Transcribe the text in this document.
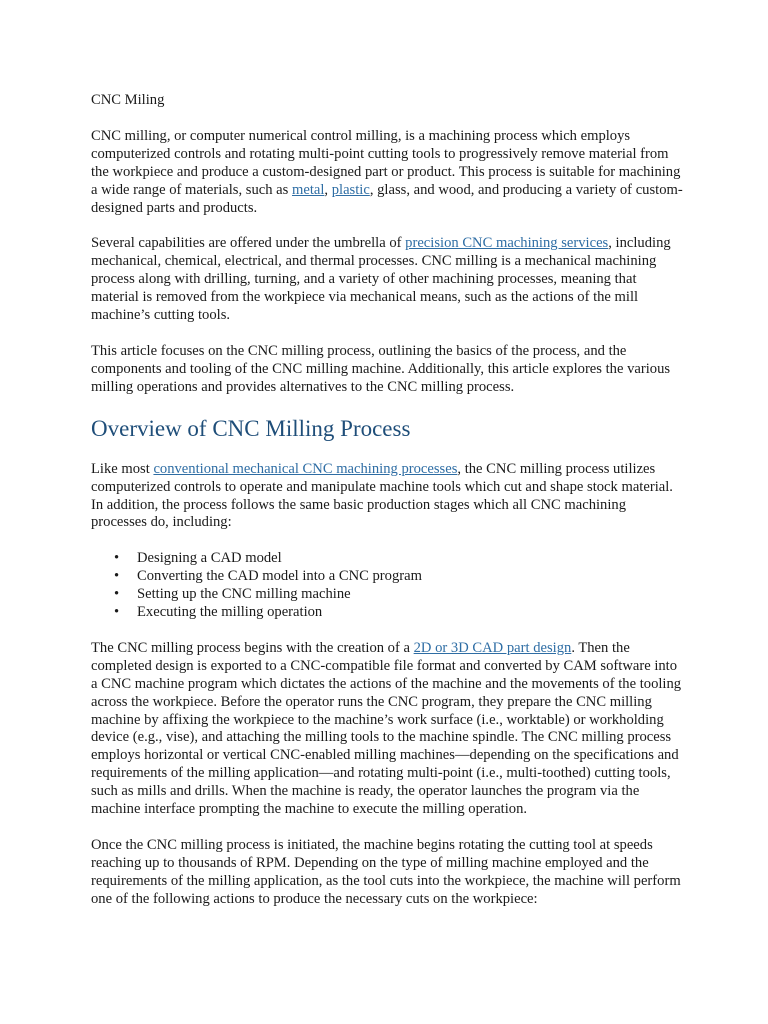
CNC Miling

CNC milling, or computer numerical control milling, is a machining process which employs computerized controls and rotating multi-point cutting tools to progressively remove material from the workpiece and produce a custom-designed part or product. This process is suitable for machining a wide range of materials, such as metal, plastic, glass, and wood, and producing a variety of custom-designed parts and products.

Several capabilities are offered under the umbrella of precision CNC machining services, including mechanical, chemical, electrical, and thermal processes. CNC milling is a mechanical machining process along with drilling, turning, and a variety of other machining processes, meaning that material is removed from the workpiece via mechanical means, such as the actions of the mill machine’s cutting tools.

This article focuses on the CNC milling process, outlining the basics of the process, and the components and tooling of the CNC milling machine. Additionally, this article explores the various milling operations and provides alternatives to the CNC milling process.

Overview of CNC Milling Process

Like most conventional mechanical CNC machining processes, the CNC milling process utilizes computerized controls to operate and manipulate machine tools which cut and shape stock material. In addition, the process follows the same basic production stages which all CNC machining processes do, including:

• Designing a CAD model
• Converting the CAD model into a CNC program
• Setting up the CNC milling machine
• Executing the milling operation

The CNC milling process begins with the creation of a 2D or 3D CAD part design. Then the completed design is exported to a CNC-compatible file format and converted by CAM software into a CNC machine program which dictates the actions of the machine and the movements of the tooling across the workpiece. Before the operator runs the CNC program, they prepare the CNC milling machine by affixing the workpiece to the machine’s work surface (i.e., worktable) or workholding device (e.g., vise), and attaching the milling tools to the machine spindle. The CNC milling process employs horizontal or vertical CNC-enabled milling machines—depending on the specifications and requirements of the milling application—and rotating multi-point (i.e., multi-toothed) cutting tools, such as mills and drills. When the machine is ready, the operator launches the program via the machine interface prompting the machine to execute the milling operation.

Once the CNC milling process is initiated, the machine begins rotating the cutting tool at speeds reaching up to thousands of RPM. Depending on the type of milling machine employed and the requirements of the milling application, as the tool cuts into the workpiece, the machine will perform one of the following actions to produce the necessary cuts on the workpiece:
